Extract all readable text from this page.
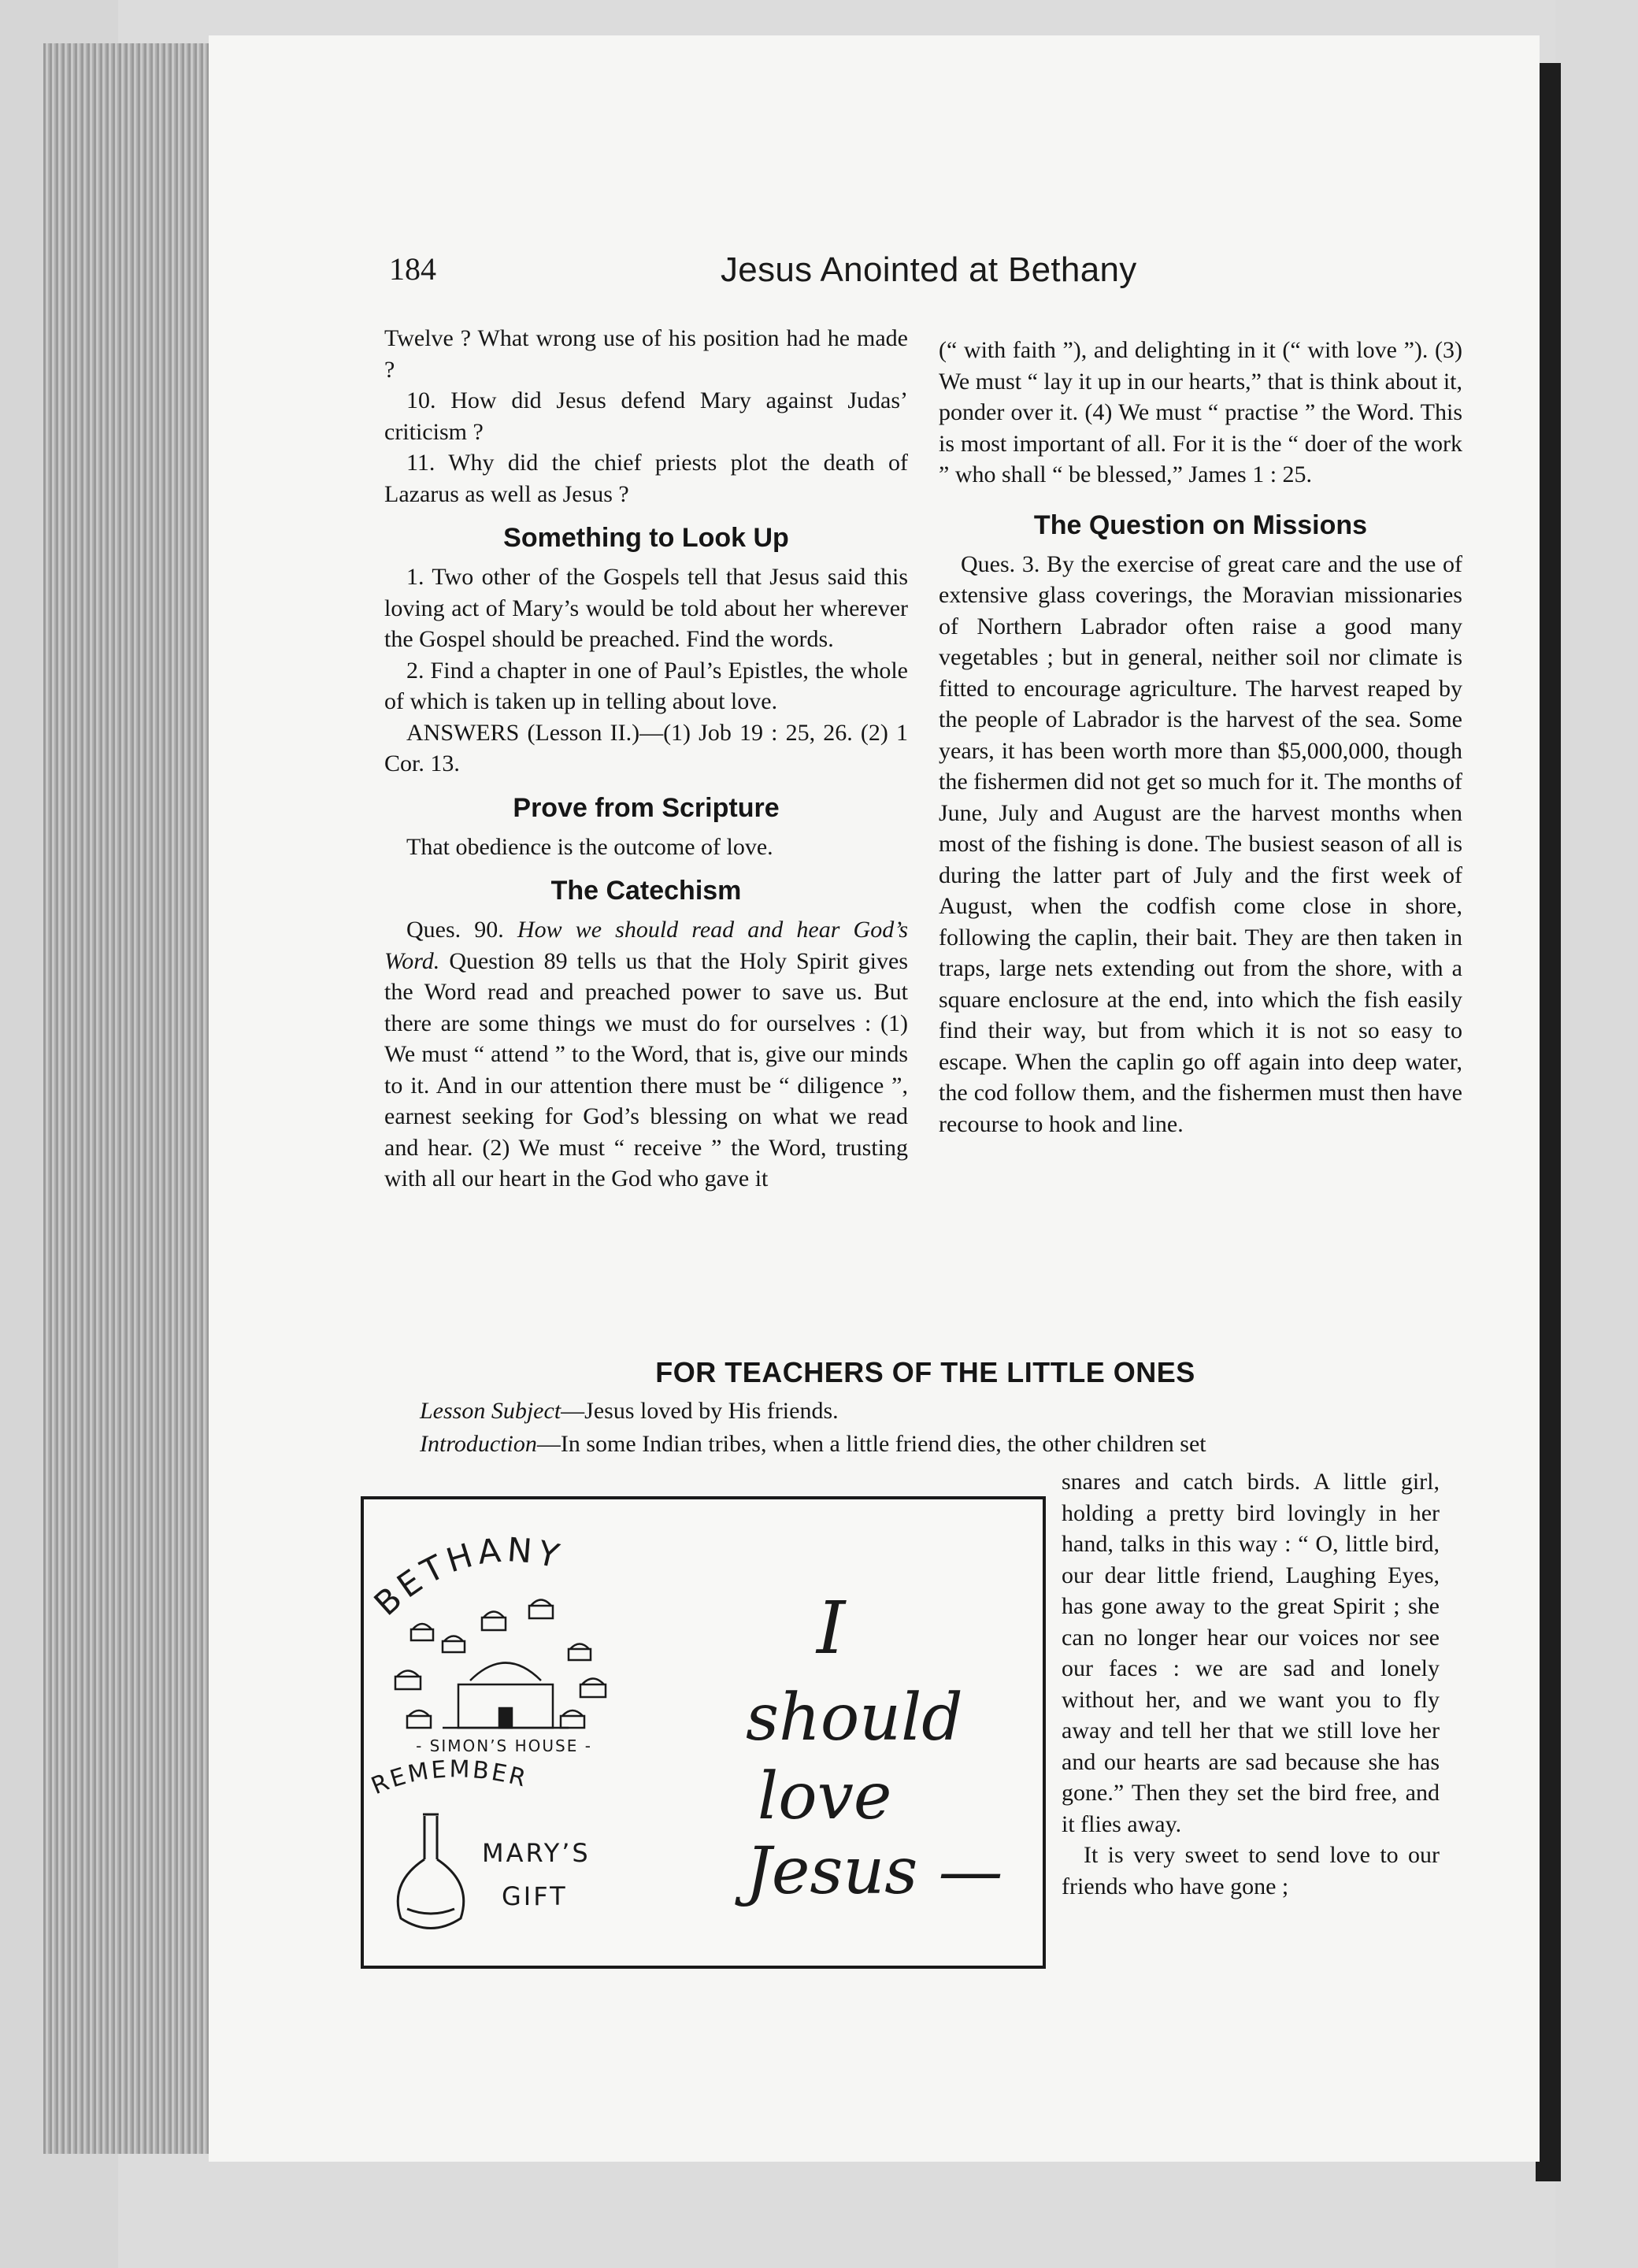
184	Jesus Anointed at Bethany

Twelve ? What wrong use of his position had he made ?

10. How did Jesus defend Mary against Judas’ criticism ?

11. Why did the chief priests plot the death of Lazarus as well as Jesus ?

Something to Look Up

1. Two other of the Gospels tell that Jesus said this loving act of Mary’s would be told about her wherever the Gospel should be preached. Find the words.

2. Find a chapter in one of Paul’s Epistles, the whole of which is taken up in telling about love.

ANSWERS (Lesson II.)—(1) Job 19 : 25, 26. (2) 1 Cor. 13.

Prove from Scripture

That obedience is the outcome of love.

The Catechism

Ques. 90. How we should read and hear God’s Word. Question 89 tells us that the Holy Spirit gives the Word read and preached power to save us. But there are some things we must do for ourselves : (1) We must “ attend ” to the Word, that is, give our minds to it. And in our attention there must be “ diligence ”, earnest seeking for God’s blessing on what we read and hear. (2) We must “ receive ” the Word, trusting with all our heart in the God who gave it

(“ with faith ”), and delighting in it (“ with love ”). (3) We must “ lay it up in our hearts,” that is think about it, ponder over it. (4) We must “ practise ” the Word. This is most important of all. For it is the “ doer of the work ” who shall “ be blessed,” James 1 : 25.

The Question on Missions

Ques. 3. By the exercise of great care and the use of extensive glass coverings, the Moravian missionaries of Northern Labrador often raise a good many vegetables ; but in general, neither soil nor climate is fitted to encourage agriculture. The harvest reaped by the people of Labrador is the harvest of the sea. Some years, it has been worth more than $5,000,000, though the fishermen did not get so much for it. The months of June, July and August are the harvest months when most of the fishing is done. The busiest season of all is during the latter part of July and the first week of August, when the codfish come close in shore, following the caplin, their bait. They are then taken in traps, large nets extending out from the shore, with a square enclosure at the end, into which the fish easily find their way, but from which it is not so easy to escape. When the caplin go off again into deep water, the cod follow them, and the fishermen must then have recourse to hook and line.

FOR TEACHERS OF THE LITTLE ONES
Lesson Subject—Jesus loved by His friends.
Introduction—In some Indian tribes, when a little friend dies, the other children set

snares and catch birds. A little girl, holding a pretty bird lovingly in her hand, talks in this way : “ O, little bird, our dear little friend, Laughing Eyes, has gone away to the great Spirit ; she can no longer hear our voices nor see our faces : we are sad and lonely without her, and we want you to fly away and tell her that we still love her and our hearts are sad because she has gone.” Then they set the bird free, and it flies away.

It is very sweet to send love to our friends who have gone ;

BETHANY
- SIMON’S HOUSE -
REMEMBER
MARY’S
GIFT
I
should
love
Jesus —
